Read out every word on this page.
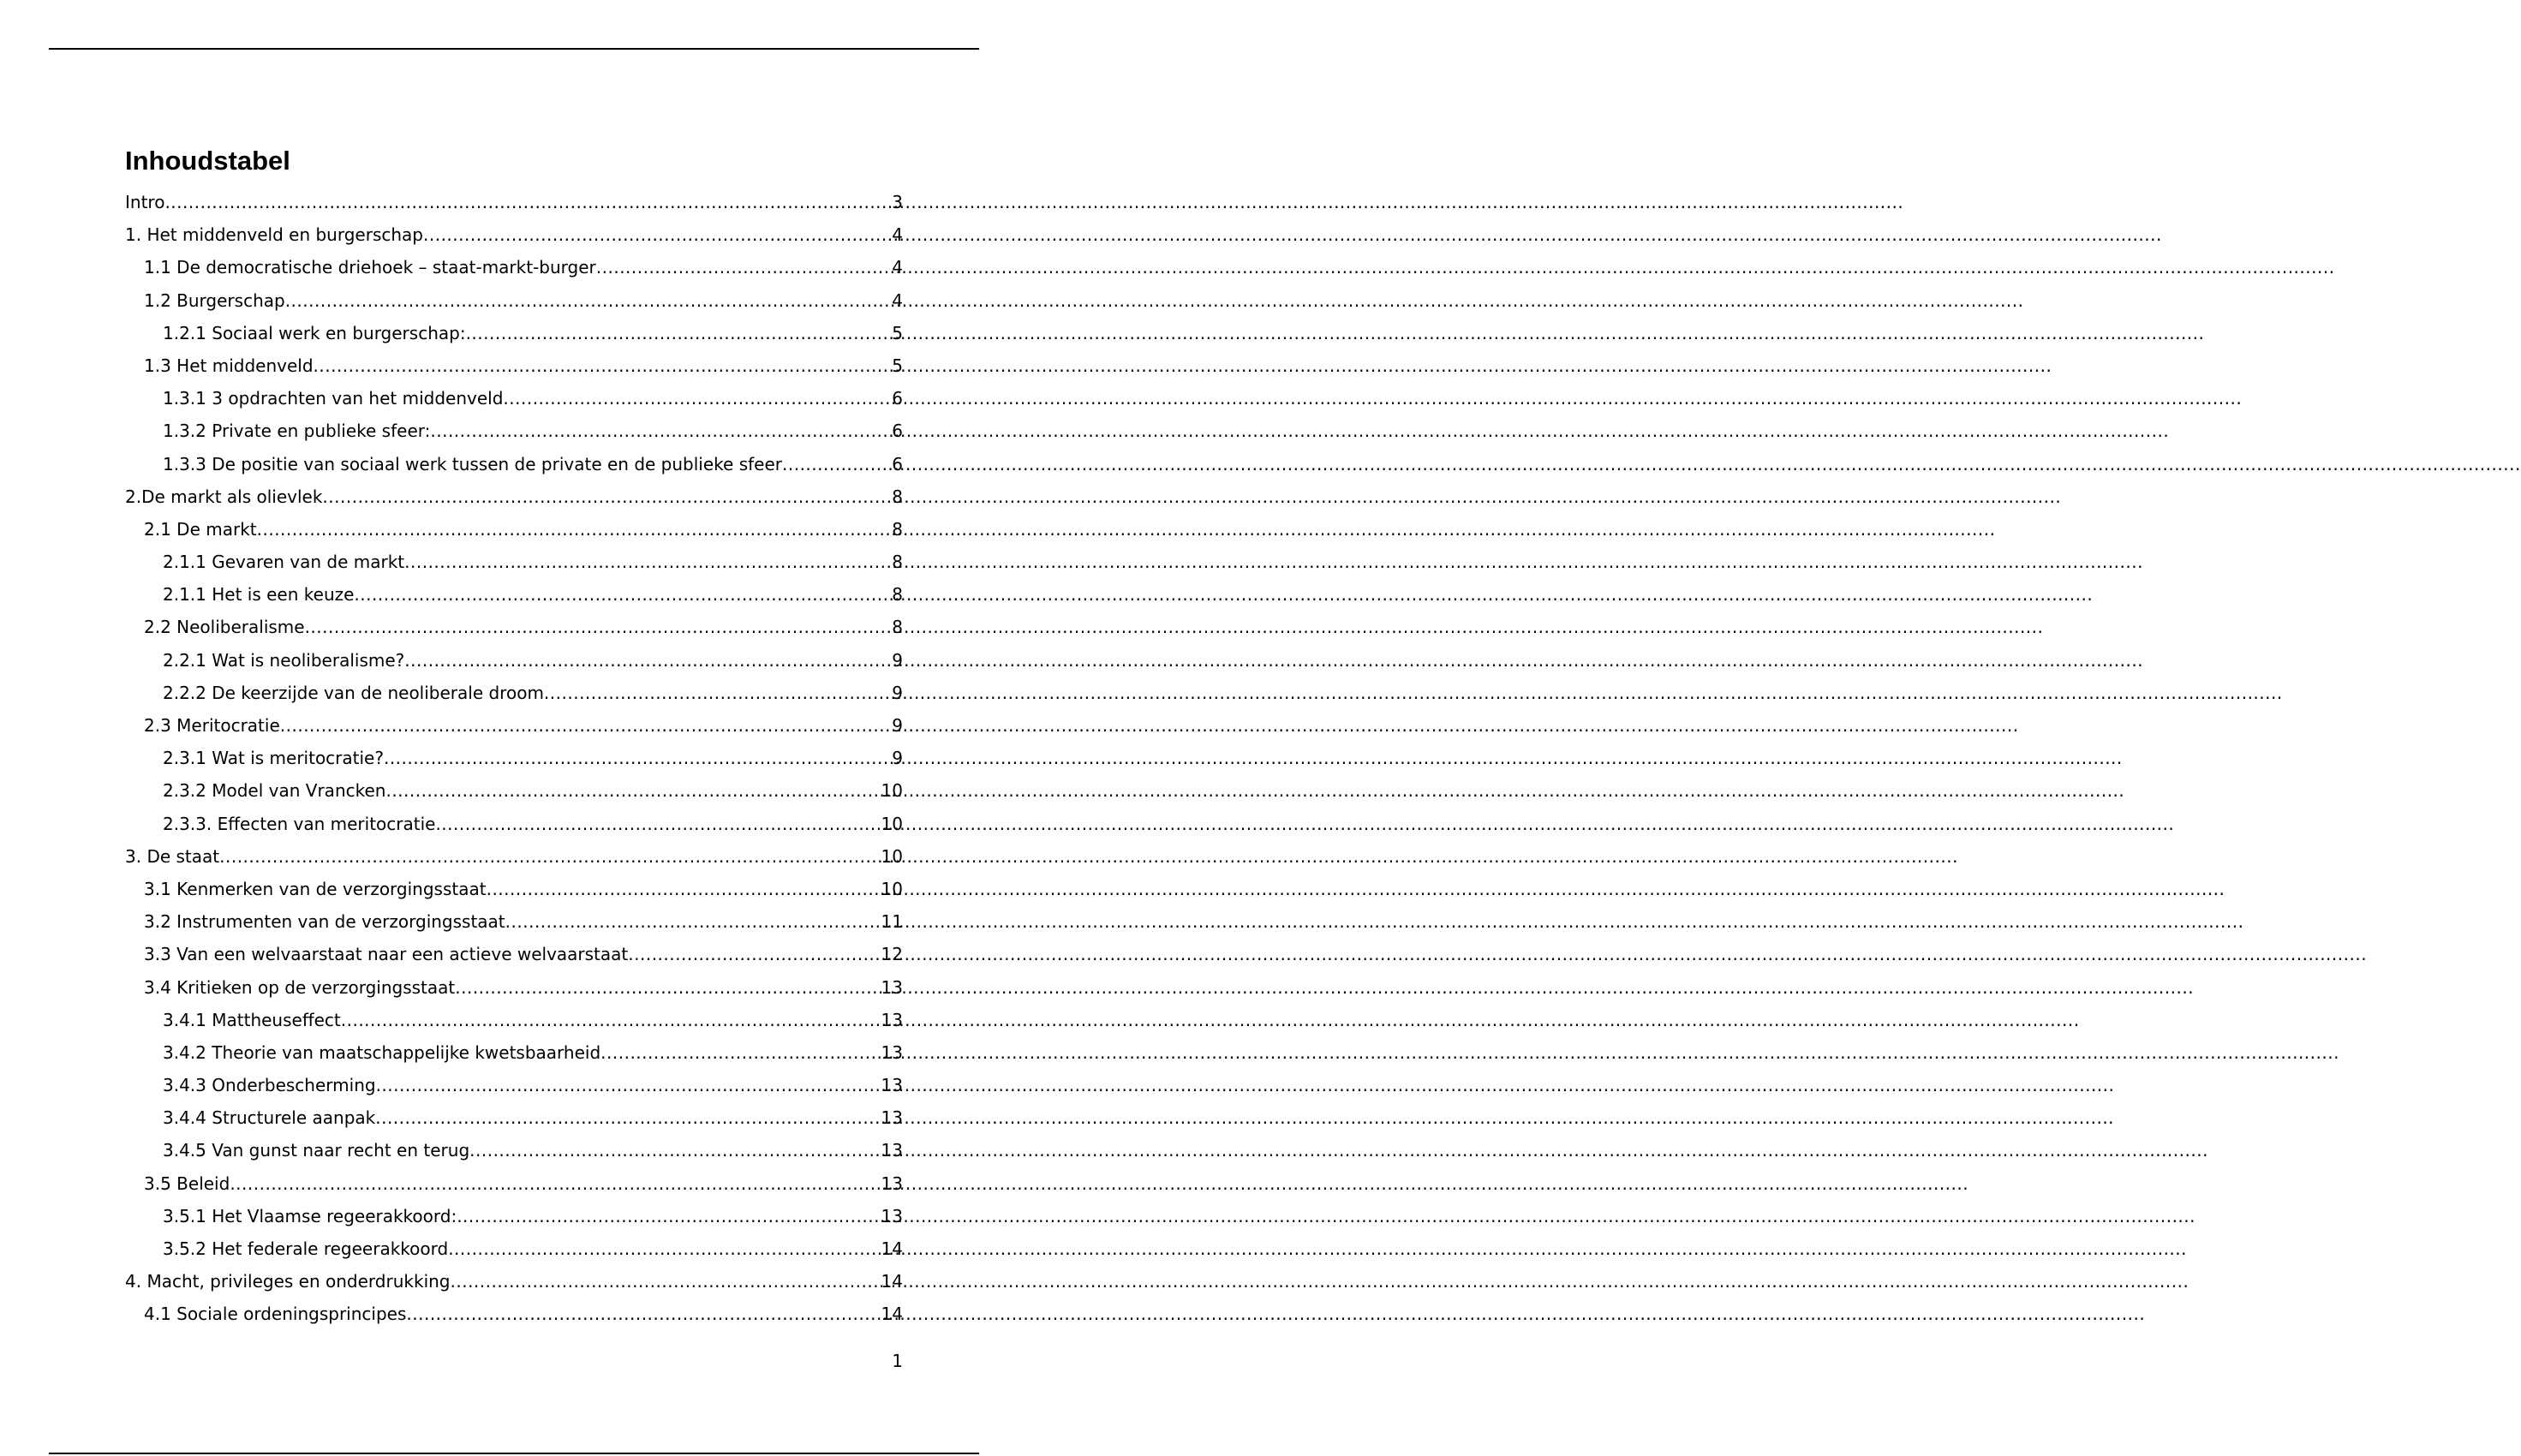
Inhoudstabel
Intro .....	3
1. Het middenveld en burgerschap .....	4
1.1 De democratische driehoek – staat-markt-burger .....	4
1.2 Burgerschap .....	4
1.2.1 Sociaal werk en burgerschap: .....	5
1.3 Het middenveld .....	5
1.3.1 3 opdrachten van het middenveld .....	6
1.3.2 Private en publieke sfeer: .....	6
1.3.3 De positie van sociaal werk tussen de private en de publieke sfeer .....	6
2.De markt als olievlek .....	8
2.1 De markt .....	8
2.1.1 Gevaren van de markt .....	8
2.1.1 Het is een keuze .....	8
2.2 Neoliberalisme .....	8
2.2.1 Wat is neoliberalisme? .....	9
2.2.2 De keerzijde van de neoliberale droom .....	9
2.3 Meritocratie .....	9
2.3.1 Wat is meritocratie? .....	9
2.3.2 Model van Vrancken .....	10
2.3.3. Effecten van meritocratie .....	10
3. De staat .....	10
3.1 Kenmerken van de verzorgingsstaat .....	10
3.2 Instrumenten van de verzorgingsstaat .....	11
3.3 Van een welvaarstaat naar een actieve welvaarstaat .....	12
3.4 Kritieken op de verzorgingsstaat .....	13
3.4.1 Mattheuseffect .....	13
3.4.2 Theorie van maatschappelijke kwetsbaarheid .....	13
3.4.3 Onderbescherming .....	13
3.4.4 Structurele aanpak .....	13
3.4.5 Van gunst naar recht en terug .....	13
3.5 Beleid .....	13
3.5.1 Het Vlaamse regeerakkoord: .....	13
3.5.2 Het federale regeerakkoord .....	14
4. Macht, privileges en onderdrukking .....	14
4.1 Sociale ordeningsprincipes .....	14
1
